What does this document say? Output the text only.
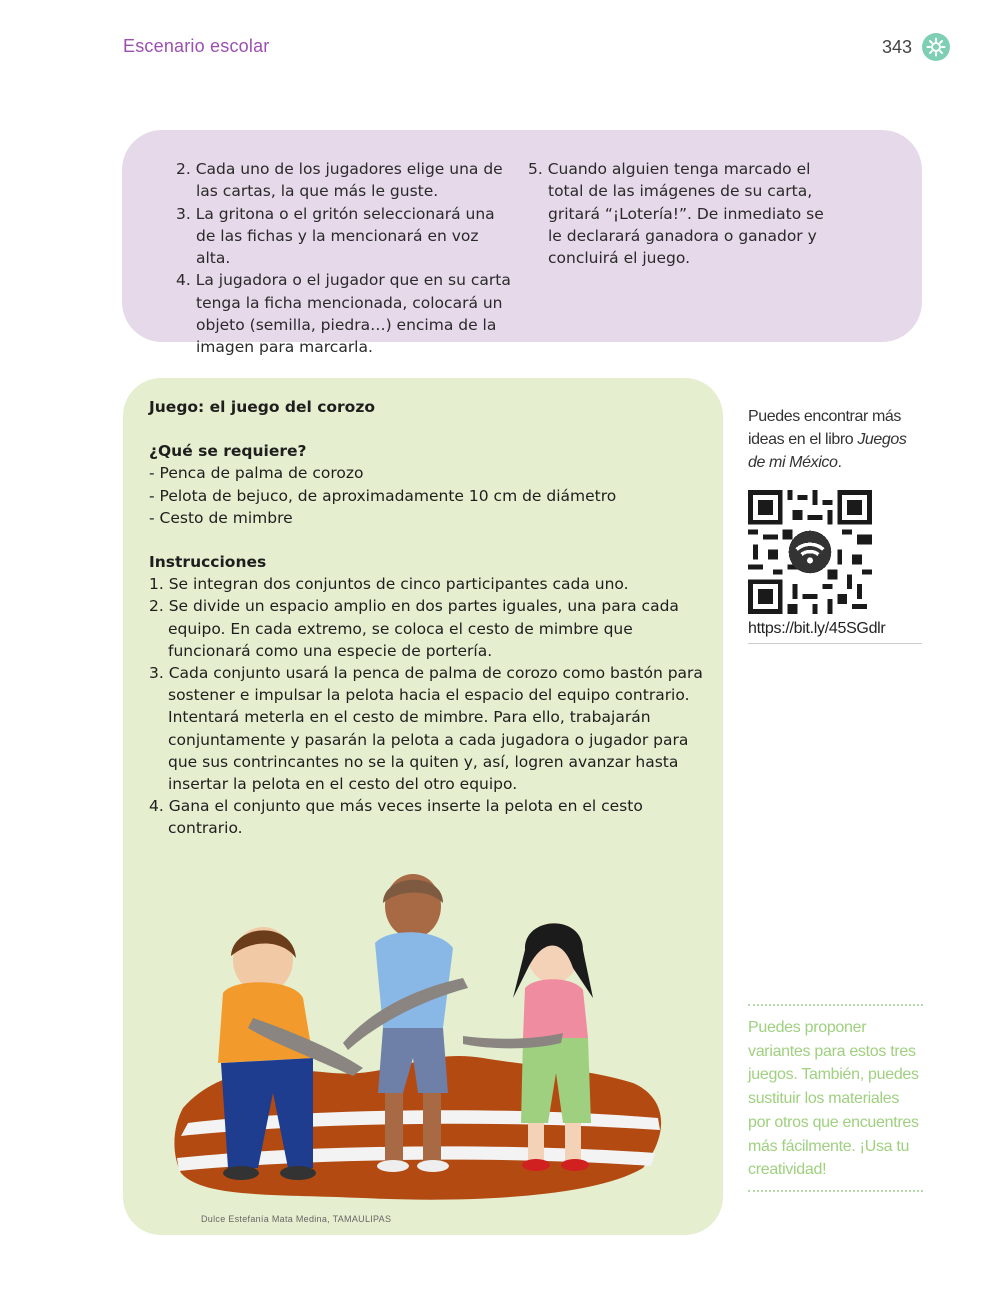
Escenario escolar	343
2. Cada uno de los jugadores elige una de las cartas, la que más le guste.
3. La gritona o el gritón seleccionará una de las fichas y la mencionará en voz alta.
4. La jugadora o el jugador que en su carta tenga la ficha mencionada, colocará un objeto (semilla, piedra…) encima de la imagen para marcarla.
5. Cuando alguien tenga marcado el total de las imágenes de su carta, gritará “¡Lotería!”. De inmediato se le declarará ganadora o ganador y concluirá el juego.

Juego: el juego del corozo

¿Qué se requiere?

- Penca de palma de corozo

- Pelota de bejuco, de aproximadamente 10 cm de diámetro

- Cesto de mimbre

Instrucciones

1. Se integran dos conjuntos de cinco participantes cada uno.
2. Se divide un espacio amplio en dos partes iguales, una para cada equipo. En cada extremo, se coloca el cesto de mimbre que funcionará como una especie de portería.
3. Cada conjunto usará la penca de palma de corozo como bastón para sostener e impulsar la pelota hacia el espacio del equipo contrario. Intentará meterla en el cesto de mimbre. Para ello, trabajarán conjuntamente y pasarán la pelota a cada jugadora o jugador para que sus contrincantes no se la quiten y, así, logren avanzar hasta insertar la pelota en el cesto del otro equipo.
4. Gana el conjunto que más veces inserte la pelota en el cesto contrario.
Dulce Estefanía Mata Medina, TAMAULIPAS
Puedes encontrar más ideas en el libro Juegos de mi México.
https://bit.ly/45SGdlr
Puedes proponer variantes para estos tres juegos. También, puedes sustituir los materiales por otros que encuentres más fácilmente. ¡Usa tu creatividad!
